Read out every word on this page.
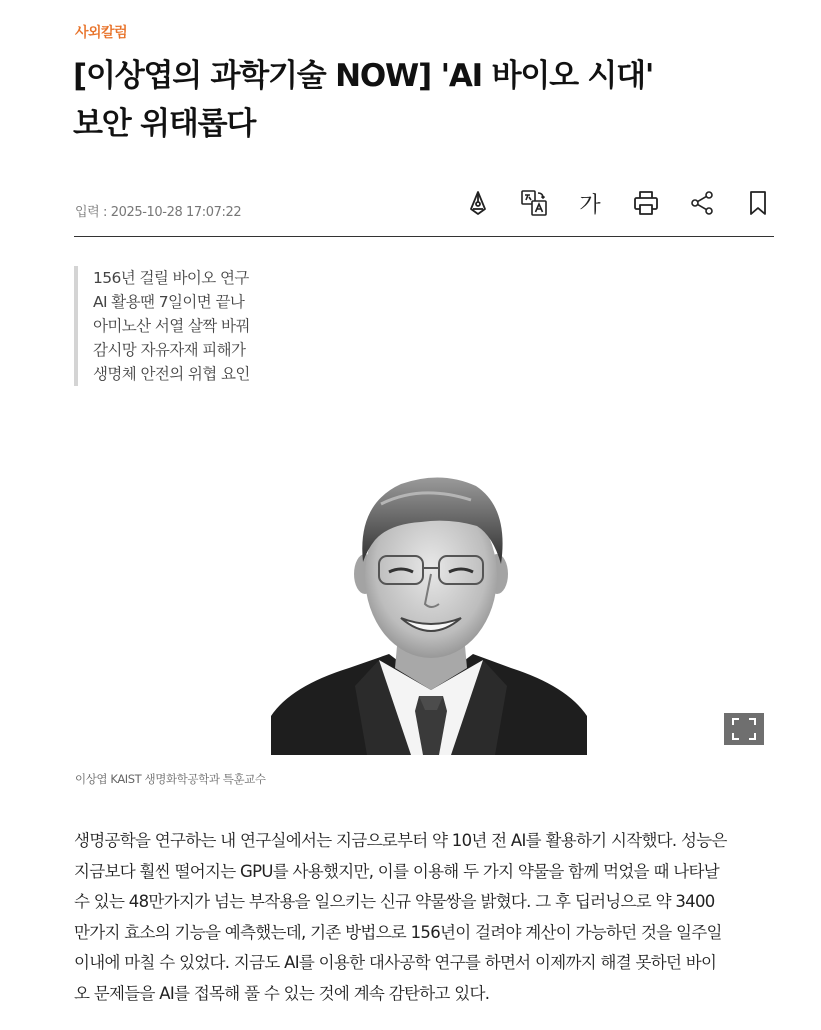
사외칼럼
[이상엽의 과학기술 NOW] 'AI 바이오 시대'
보안 위태롭다
입력 : 2025-10-28 17:07:22	가
156년 걸릴 바이오 연구
AI 활용땐 7일이면 끝나
아미노산 서열 살짝 바꿔
감시망 자유자재 피해가
생명체 안전의 위협 요인
이상엽 KAIST 생명화학공학과 특훈교수
생명공학을 연구하는 내 연구실에서는 지금으로부터 약 10년 전 AI를 활용하기 시작했다. 성능은
지금보다 훨씬 떨어지는 GPU를 사용했지만, 이를 이용해 두 가지 약물을 함께 먹었을 때 나타날
수 있는 48만가지가 넘는 부작용을 일으키는 신규 약물쌍을 밝혔다. 그 후 딥러닝으로 약 3400
만가지 효소의 기능을 예측했는데, 기존 방법으로 156년이 걸려야 계산이 가능하던 것을 일주일
이내에 마칠 수 있었다. 지금도 AI를 이용한 대사공학 연구를 하면서 이제까지 해결 못하던 바이
오 문제들을 AI를 접목해 풀 수 있는 것에 계속 감탄하고 있다.
